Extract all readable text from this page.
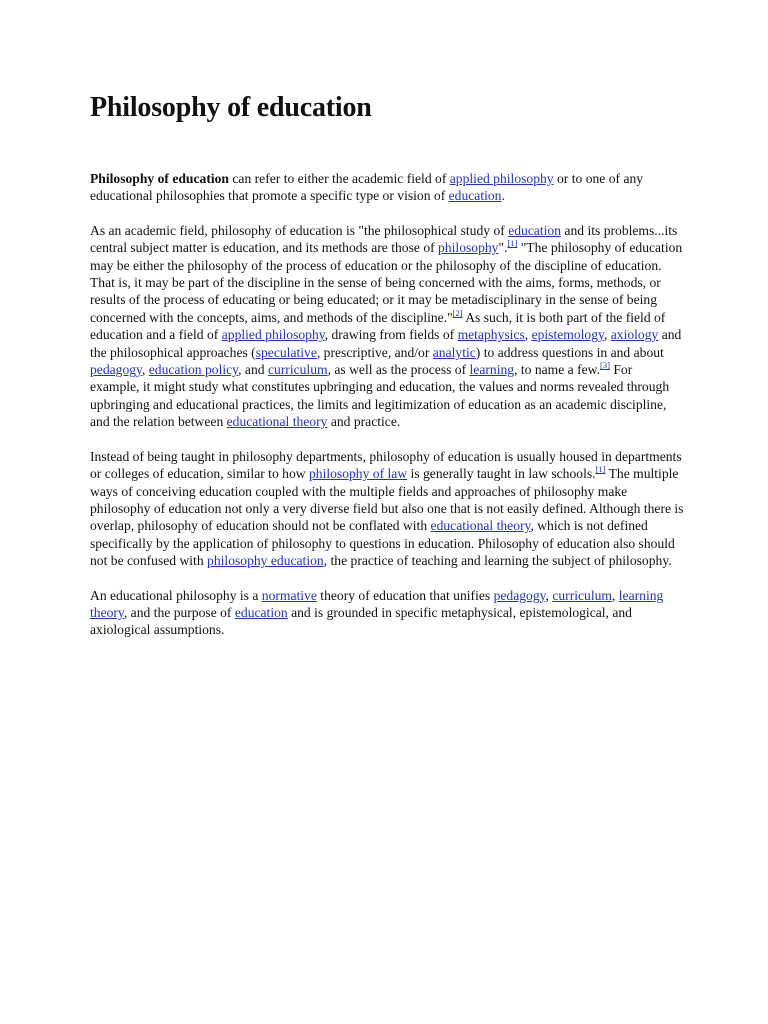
Philosophy of education

Philosophy of education can refer to either the academic field of applied philosophy or to one of any educational philosophies that promote a specific type or vision of education.

As an academic field, philosophy of education is "the philosophical study of education and its problems...its central subject matter is education, and its methods are those of philosophy".[1] "The philosophy of education may be either the philosophy of the process of education or the philosophy of the discipline of education. That is, it may be part of the discipline in the sense of being concerned with the aims, forms, methods, or results of the process of educating or being educated; or it may be metadisciplinary in the sense of being concerned with the concepts, aims, and methods of the discipline."[2] As such, it is both part of the field of education and a field of applied philosophy, drawing from fields of metaphysics, epistemology, axiology and the philosophical approaches (speculative, prescriptive, and/or analytic) to address questions in and about pedagogy, education policy, and curriculum, as well as the process of learning, to name a few.[3] For example, it might study what constitutes upbringing and education, the values and norms revealed through upbringing and educational practices, the limits and legitimization of education as an academic discipline, and the relation between educational theory and practice.

Instead of being taught in philosophy departments, philosophy of education is usually housed in departments or colleges of education, similar to how philosophy of law is generally taught in law schools.[1] The multiple ways of conceiving education coupled with the multiple fields and approaches of philosophy make philosophy of education not only a very diverse field but also one that is not easily defined. Although there is overlap, philosophy of education should not be conflated with educational theory, which is not defined specifically by the application of philosophy to questions in education. Philosophy of education also should not be confused with philosophy education, the practice of teaching and learning the subject of philosophy.

An educational philosophy is a normative theory of education that unifies pedagogy, curriculum, learning theory, and the purpose of education and is grounded in specific metaphysical, epistemological, and axiological assumptions.
